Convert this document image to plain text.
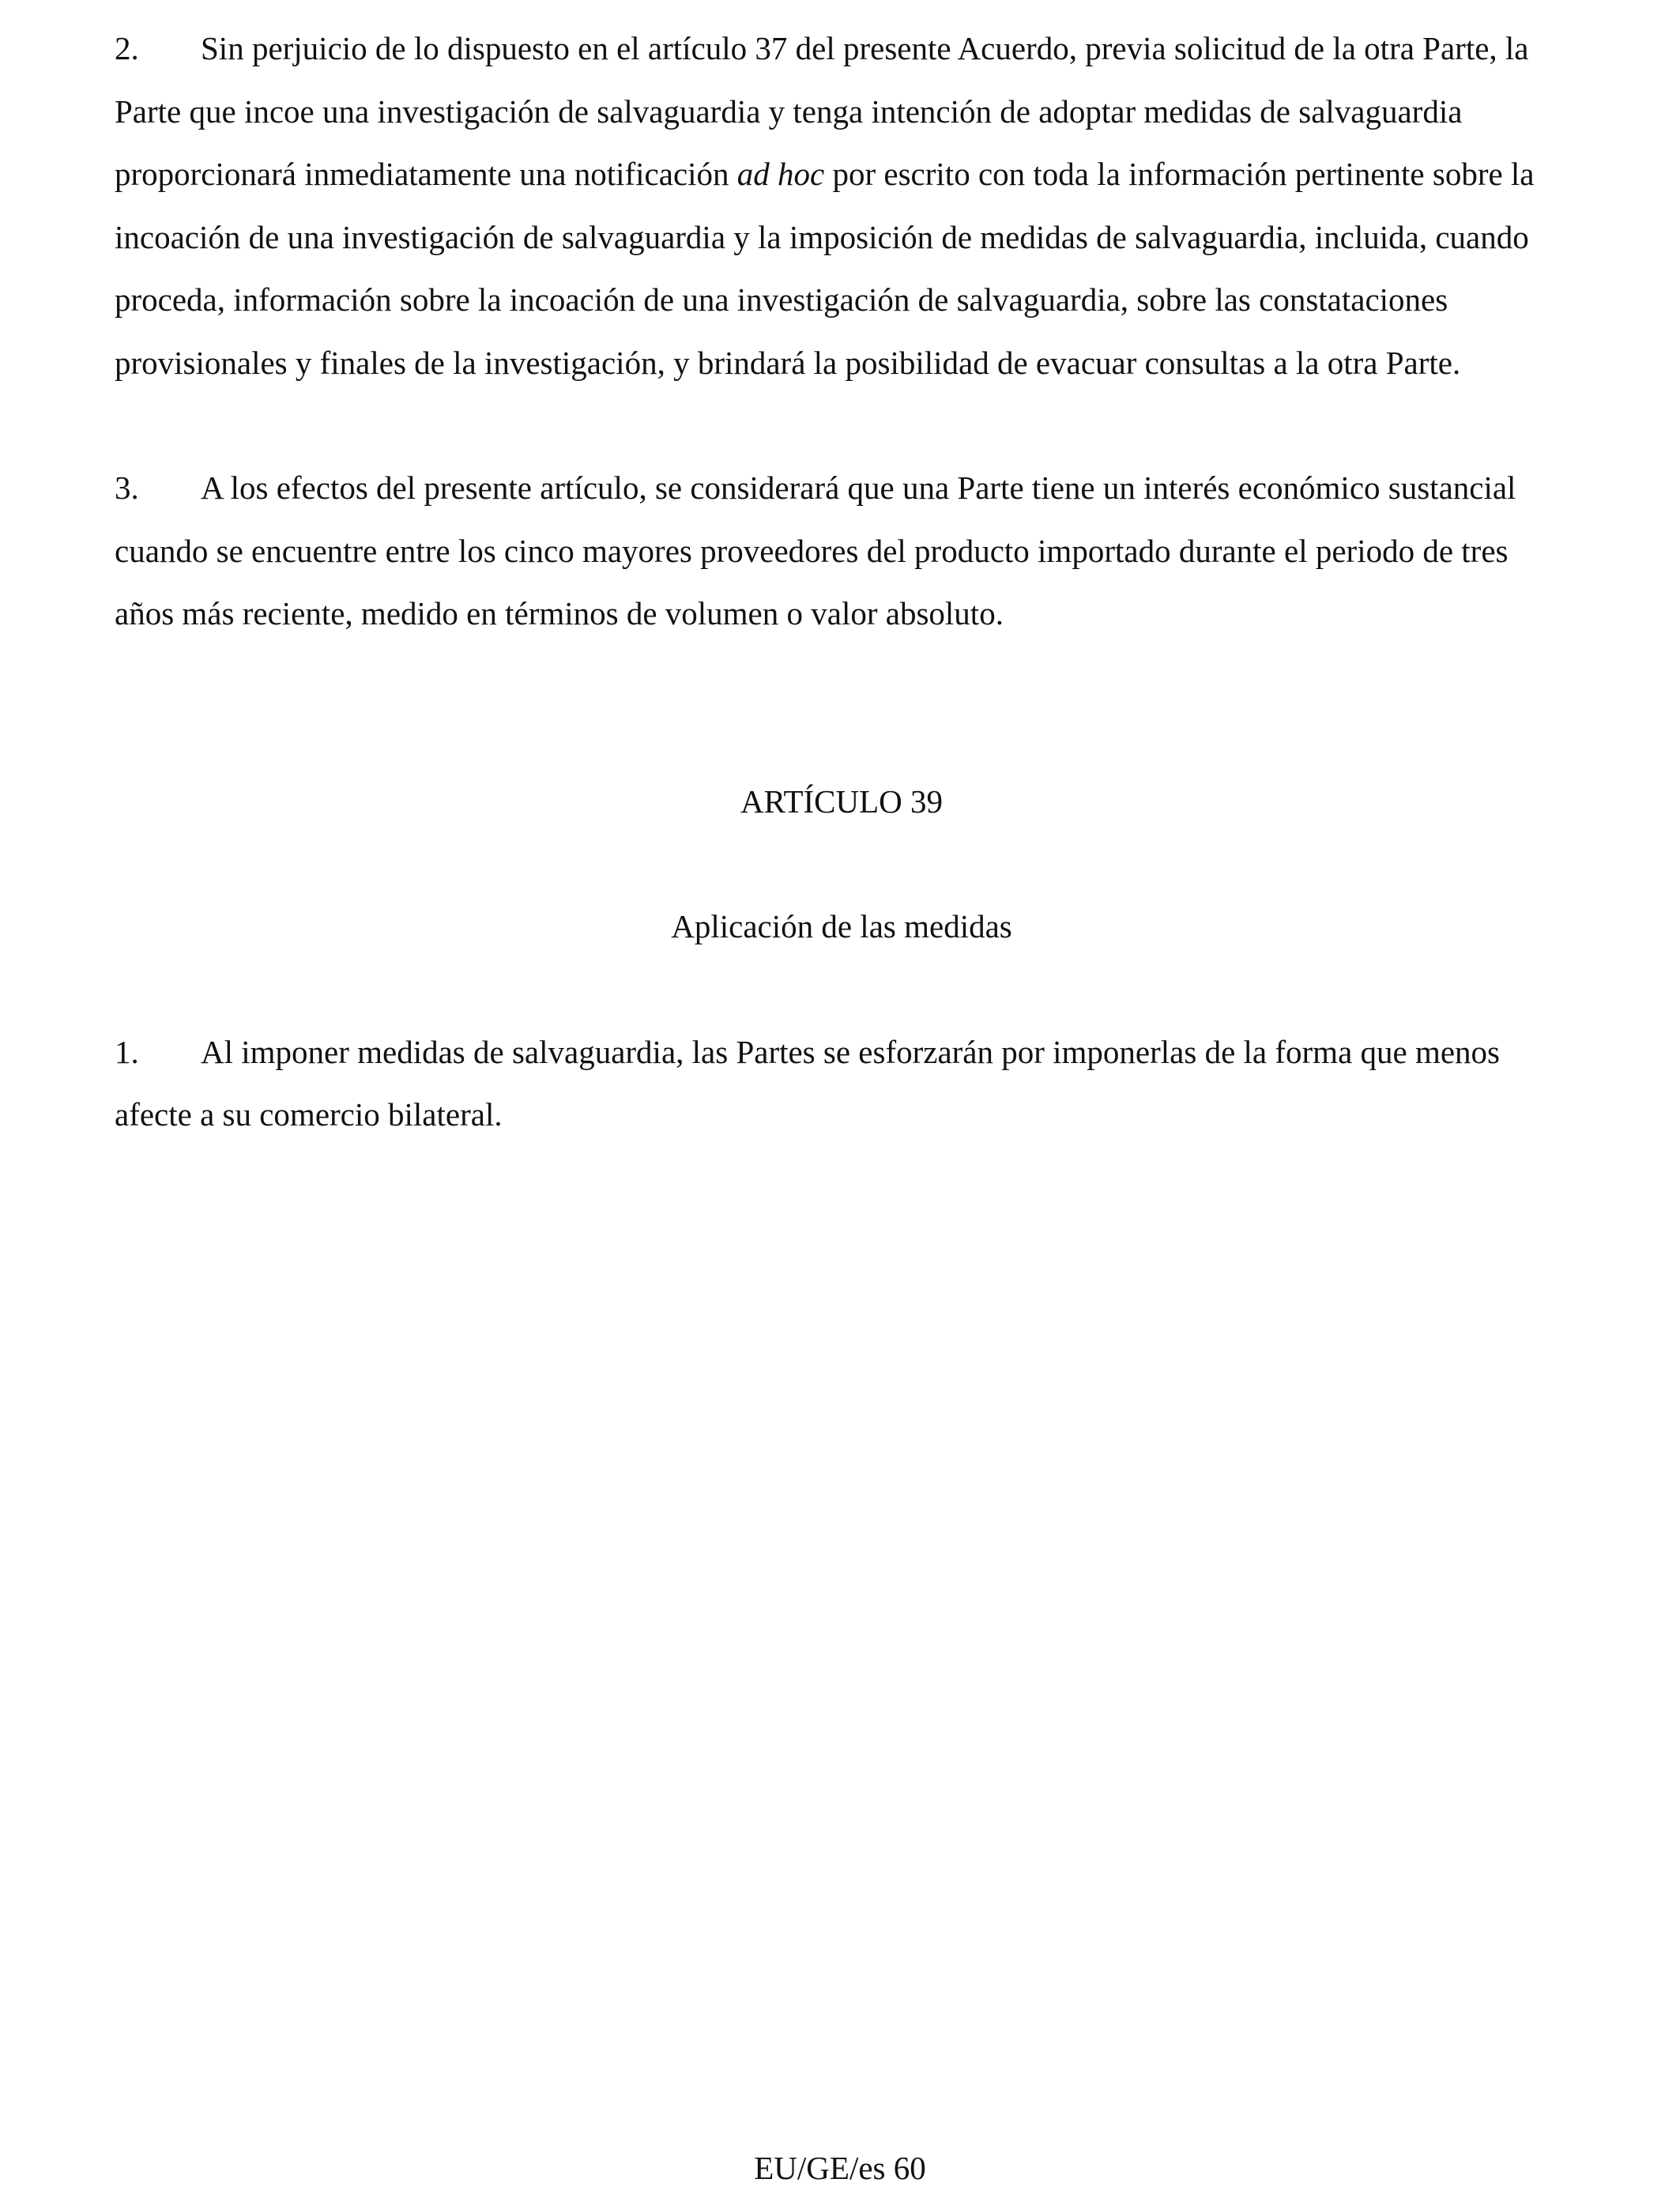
2. Sin perjuicio de lo dispuesto en el artículo 37 del presente Acuerdo, previa solicitud de la otra Parte, la Parte que incoe una investigación de salvaguardia y tenga intención de adoptar medidas de salvaguardia proporcionará inmediatamente una notificación ad hoc por escrito con toda la información pertinente sobre la incoación de una investigación de salvaguardia y la imposición de medidas de salvaguardia, incluida, cuando proceda, información sobre la incoación de una investigación de salvaguardia, sobre las constataciones provisionales y finales de la investigación, y brindará la posibilidad de evacuar consultas a la otra Parte.

3. A los efectos del presente artículo, se considerará que una Parte tiene un interés económico sustancial cuando se encuentre entre los cinco mayores proveedores del producto importado durante el periodo de tres años más reciente, medido en términos de volumen o valor absoluto.

ARTÍCULO 39

Aplicación de las medidas

1. Al imponer medidas de salvaguardia, las Partes se esforzarán por imponerlas de la forma que menos afecte a su comercio bilateral.

EU/GE/es 60
